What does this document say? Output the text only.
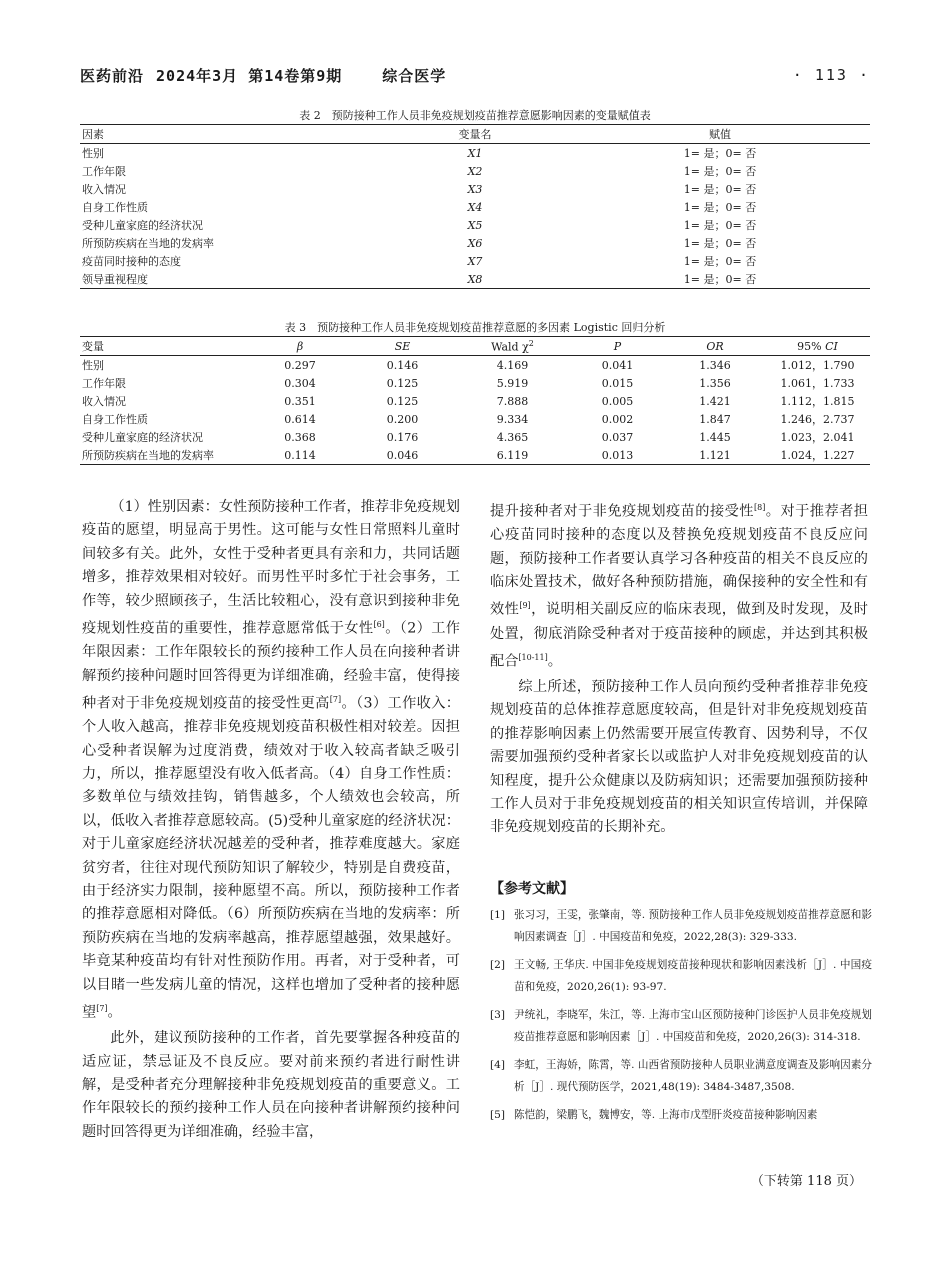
医药前沿 2024年3月 第14卷第9期	综合医学	· 113 ·
表 2　预防接种工作人员非免疫规划疫苗推荐意愿影响因素的变量赋值表
因素	变量名	赋值
性别	X1	1= 是；0= 否
工作年限	X2	1= 是；0= 否
收入情况	X3	1= 是；0= 否
自身工作性质	X4	1= 是；0= 否
受种儿童家庭的经济状况	X5	1= 是；0= 否
所预防疾病在当地的发病率	X6	1= 是；0= 否
疫苗同时接种的态度	X7	1= 是；0= 否
领导重视程度	X8	1= 是；0= 否
表 3　预防接种工作人员非免疫规划疫苗推荐意愿的多因素 Logistic 回归分析
变量	β	SE	Wald $\chi^2$	P	OR	95% CI
性别	0.297	0.146	4.169	0.041	1.346	1.012，1.790
工作年限	0.304	0.125	5.919	0.015	1.356	1.061，1.733
收入情况	0.351	0.125	7.888	0.005	1.421	1.112，1.815
自身工作性质	0.614	0.200	9.334	0.002	1.847	1.246，2.737
受种儿童家庭的经济状况	0.368	0.176	4.365	0.037	1.445	1.023，2.041
所预防疾病在当地的发病率	0.114	0.046	6.119	0.013	1.121	1.024，1.227

（1）性别因素：女性预防接种工作者，推荐非免疫规划疫苗的愿望，明显高于男性。这可能与女性日常照料儿童时间较多有关。此外，女性于受种者更具有亲和力，共同话题增多，推荐效果相对较好。而男性平时多忙于社会事务，工作等，较少照顾孩子，生活比较粗心，没有意识到接种非免疫规划性疫苗的重要性，推荐意愿常低于女性[6]。（2）工作年限因素：工作年限较长的预约接种工作人员在向接种者讲解预约接种问题时回答得更为详细准确，经验丰富，使得接种者对于非免疫规划疫苗的接受性更高[7]。（3）工作收入：个人收入越高，推荐非免疫规划疫苗积极性相对较差。因担心受种者误解为过度消费，绩效对于收入较高者缺乏吸引力，所以，推荐愿望没有收入低者高。（4）自身工作性质：多数单位与绩效挂钩，销售越多，个人绩效也会较高，所以，低收入者推荐意愿较高。(5)受种儿童家庭的经济状况：对于儿童家庭经济状况越差的受种者，推荐难度越大。家庭贫穷者，往往对现代预防知识了解较少，特别是自费疫苗，由于经济实力限制，接种愿望不高。所以，预防接种工作者的推荐意愿相对降低。（6）所预防疾病在当地的发病率：所预防疾病在当地的发病率越高，推荐愿望越强，效果越好。毕竟某种疫苗均有针对性预防作用。再者，对于受种者，可以目睹一些发病儿童的情况，这样也增加了受种者的接种愿望[7]。

此外，建议预防接种的工作者，首先要掌握各种疫苗的适应证，禁忌证及不良反应。要对前来预约者进行耐性讲解，是受种者充分理解接种非免疫规划疫苗的重要意义。工作年限较长的预约接种工作人员在向接种者讲解预约接种问题时回答得更为详细准确，经验丰富，

提升接种者对于非免疫规划疫苗的接受性[8]。对于推荐者担心疫苗同时接种的态度以及替换免疫规划疫苗不良反应问题，预防接种工作者要认真学习各种疫苗的相关不良反应的临床处置技术，做好各种预防措施，确保接种的安全性和有效性[9]，说明相关副反应的临床表现，做到及时发现，及时处置，彻底消除受种者对于疫苗接种的顾虑，并达到其积极配合[10-11]。

综上所述，预防接种工作人员向预约受种者推荐非免疫规划疫苗的总体推荐意愿度较高，但是针对非免疫规划疫苗的推荐影响因素上仍然需要开展宣传教育、因势利导，不仅需要加强预约受种者家长以或监护人对非免疫规划疫苗的认知程度，提升公众健康以及防病知识；还需要加强预防接种工作人员对于非免疫规划疫苗的相关知识宣传培训，并保障非免疫规划疫苗的长期补充。

【参考文献】
[1] 张习习，王雯，张肇南，等. 预防接种工作人员非免疫规划疫苗推荐意愿和影响因素调查［J］. 中国疫苗和免疫，2022,28(3): 329-333.
[2] 王文畅, 王华庆. 中国非免疫规划疫苗接种现状和影响因素浅析［J］. 中国疫苗和免疫，2020,26(1): 93-97.
[3] 尹统礼，李晓军，朱江，等. 上海市宝山区预防接种门诊医护人员非免疫规划疫苗推荐意愿和影响因素［J］. 中国疫苗和免疫，2020,26(3): 314-318.
[4] 李虹，王海娇，陈霄，等. 山西省预防接种人员职业满意度调查及影响因素分析［J］. 现代预防医学，2021,48(19): 3484-3487,3508.
[5] 陈恺韵，梁鹏飞，魏博安，等. 上海市戊型肝炎疫苗接种影响因素
（下转第 118 页）
